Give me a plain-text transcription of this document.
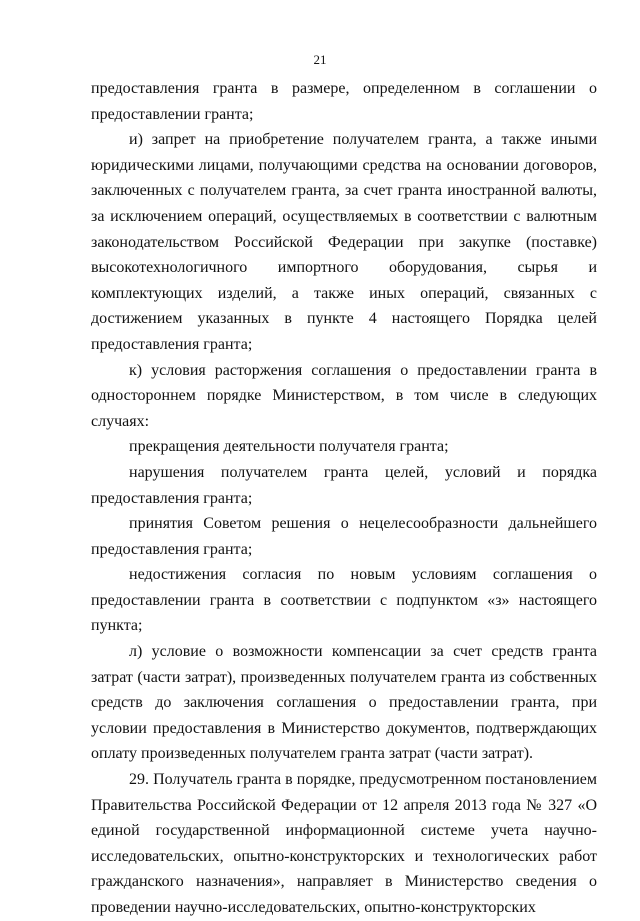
21

предоставления гранта в размере, определенном в соглашении о предоставлении гранта;

и) запрет на приобретение получателем гранта, а также иными юридическими лицами, получающими средства на основании договоров, заключенных с получателем гранта, за счет гранта иностранной валюты, за исключением операций, осуществляемых в соответствии с валютным законодательством Российской Федерации при закупке (поставке) высокотехнологичного импортного оборудования, сырья и комплектующих изделий, а также иных операций, связанных с достижением указанных в пункте 4 настоящего Порядка целей предоставления гранта;

к) условия расторжения соглашения о предоставлении гранта в одностороннем порядке Министерством, в том числе в следующих случаях:

прекращения деятельности получателя гранта;

нарушения получателем гранта целей, условий и порядка предоставления гранта;

принятия Советом решения о нецелесообразности дальнейшего предоставления гранта;

недостижения согласия по новым условиям соглашения о предоставлении гранта в соответствии с подпунктом «з» настоящего пункта;

л) условие о возможности компенсации за счет средств гранта затрат (части затрат), произведенных получателем гранта из собственных средств до заключения соглашения о предоставлении гранта, при условии предоставления в Министерство документов, подтверждающих оплату произведенных получателем гранта затрат (части затрат).

29. Получатель гранта в порядке, предусмотренном постановлением Правительства Российской Федерации от 12 апреля 2013 года № 327 «О единой государственной информационной системе учета научно-исследовательских, опытно-конструкторских и технологических работ гражданского назначения», направляет в Министерство сведения о проведении научно-исследовательских, опытно-конструкторских
